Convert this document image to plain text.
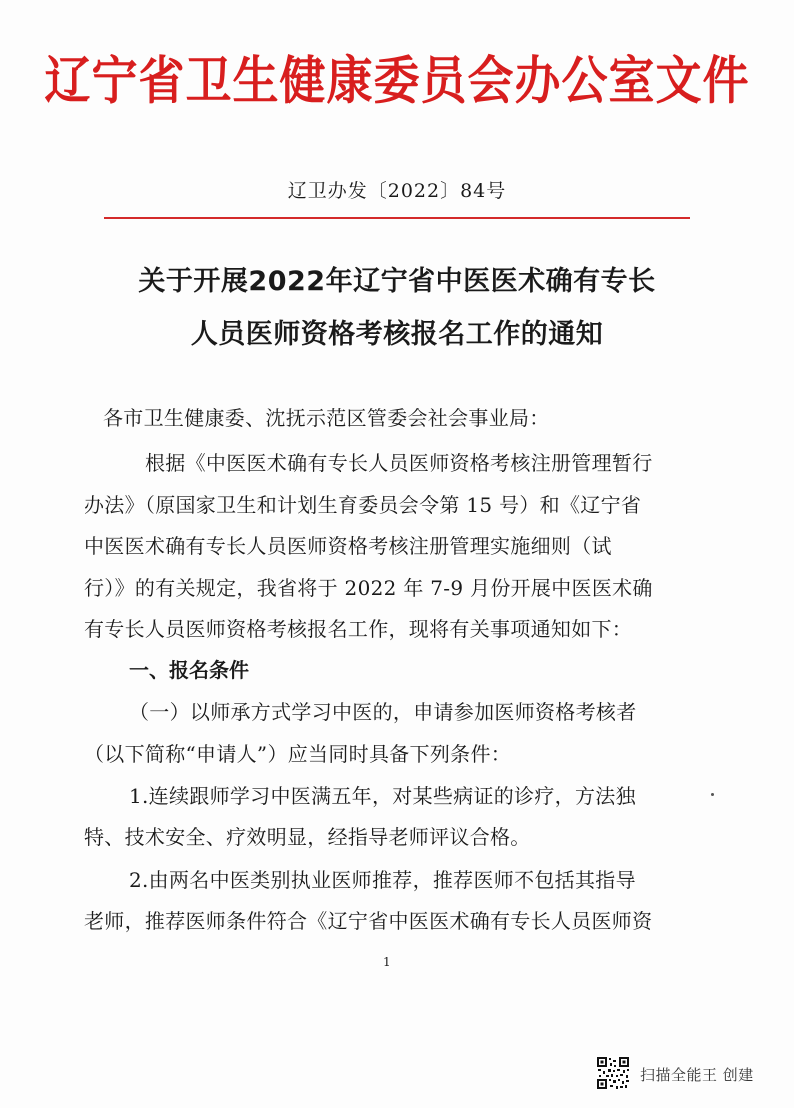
辽宁省卫生健康委员会办公室文件
辽卫办发〔2022〕84号
关于开展2022年辽宁省中医医术确有专长
人员医师资格考核报名工作的通知
各市卫生健康委、沈抚示范区管委会社会事业局：
根据《中医医术确有专长人员医师资格考核注册管理暂行
办法》（原国家卫生和计划生育委员会令第 15 号）和《辽宁省
中医医术确有专长人员医师资格考核注册管理实施细则（试
行）》的有关规定，我省将于 2022 年 7-9 月份开展中医医术确
有专长人员医师资格考核报名工作，现将有关事项通知如下：
一、报名条件
（一）以师承方式学习中医的，申请参加医师资格考核者
（以下简称“申请人”）应当同时具备下列条件：
1.连续跟师学习中医满五年，对某些病证的诊疗，方法独
特、技术安全、疗效明显，经指导老师评议合格。
2.由两名中医类别执业医师推荐，推荐医师不包括其指导
老师，推荐医师条件符合《辽宁省中医医术确有专长人员医师资
1
扫描全能王 创建
